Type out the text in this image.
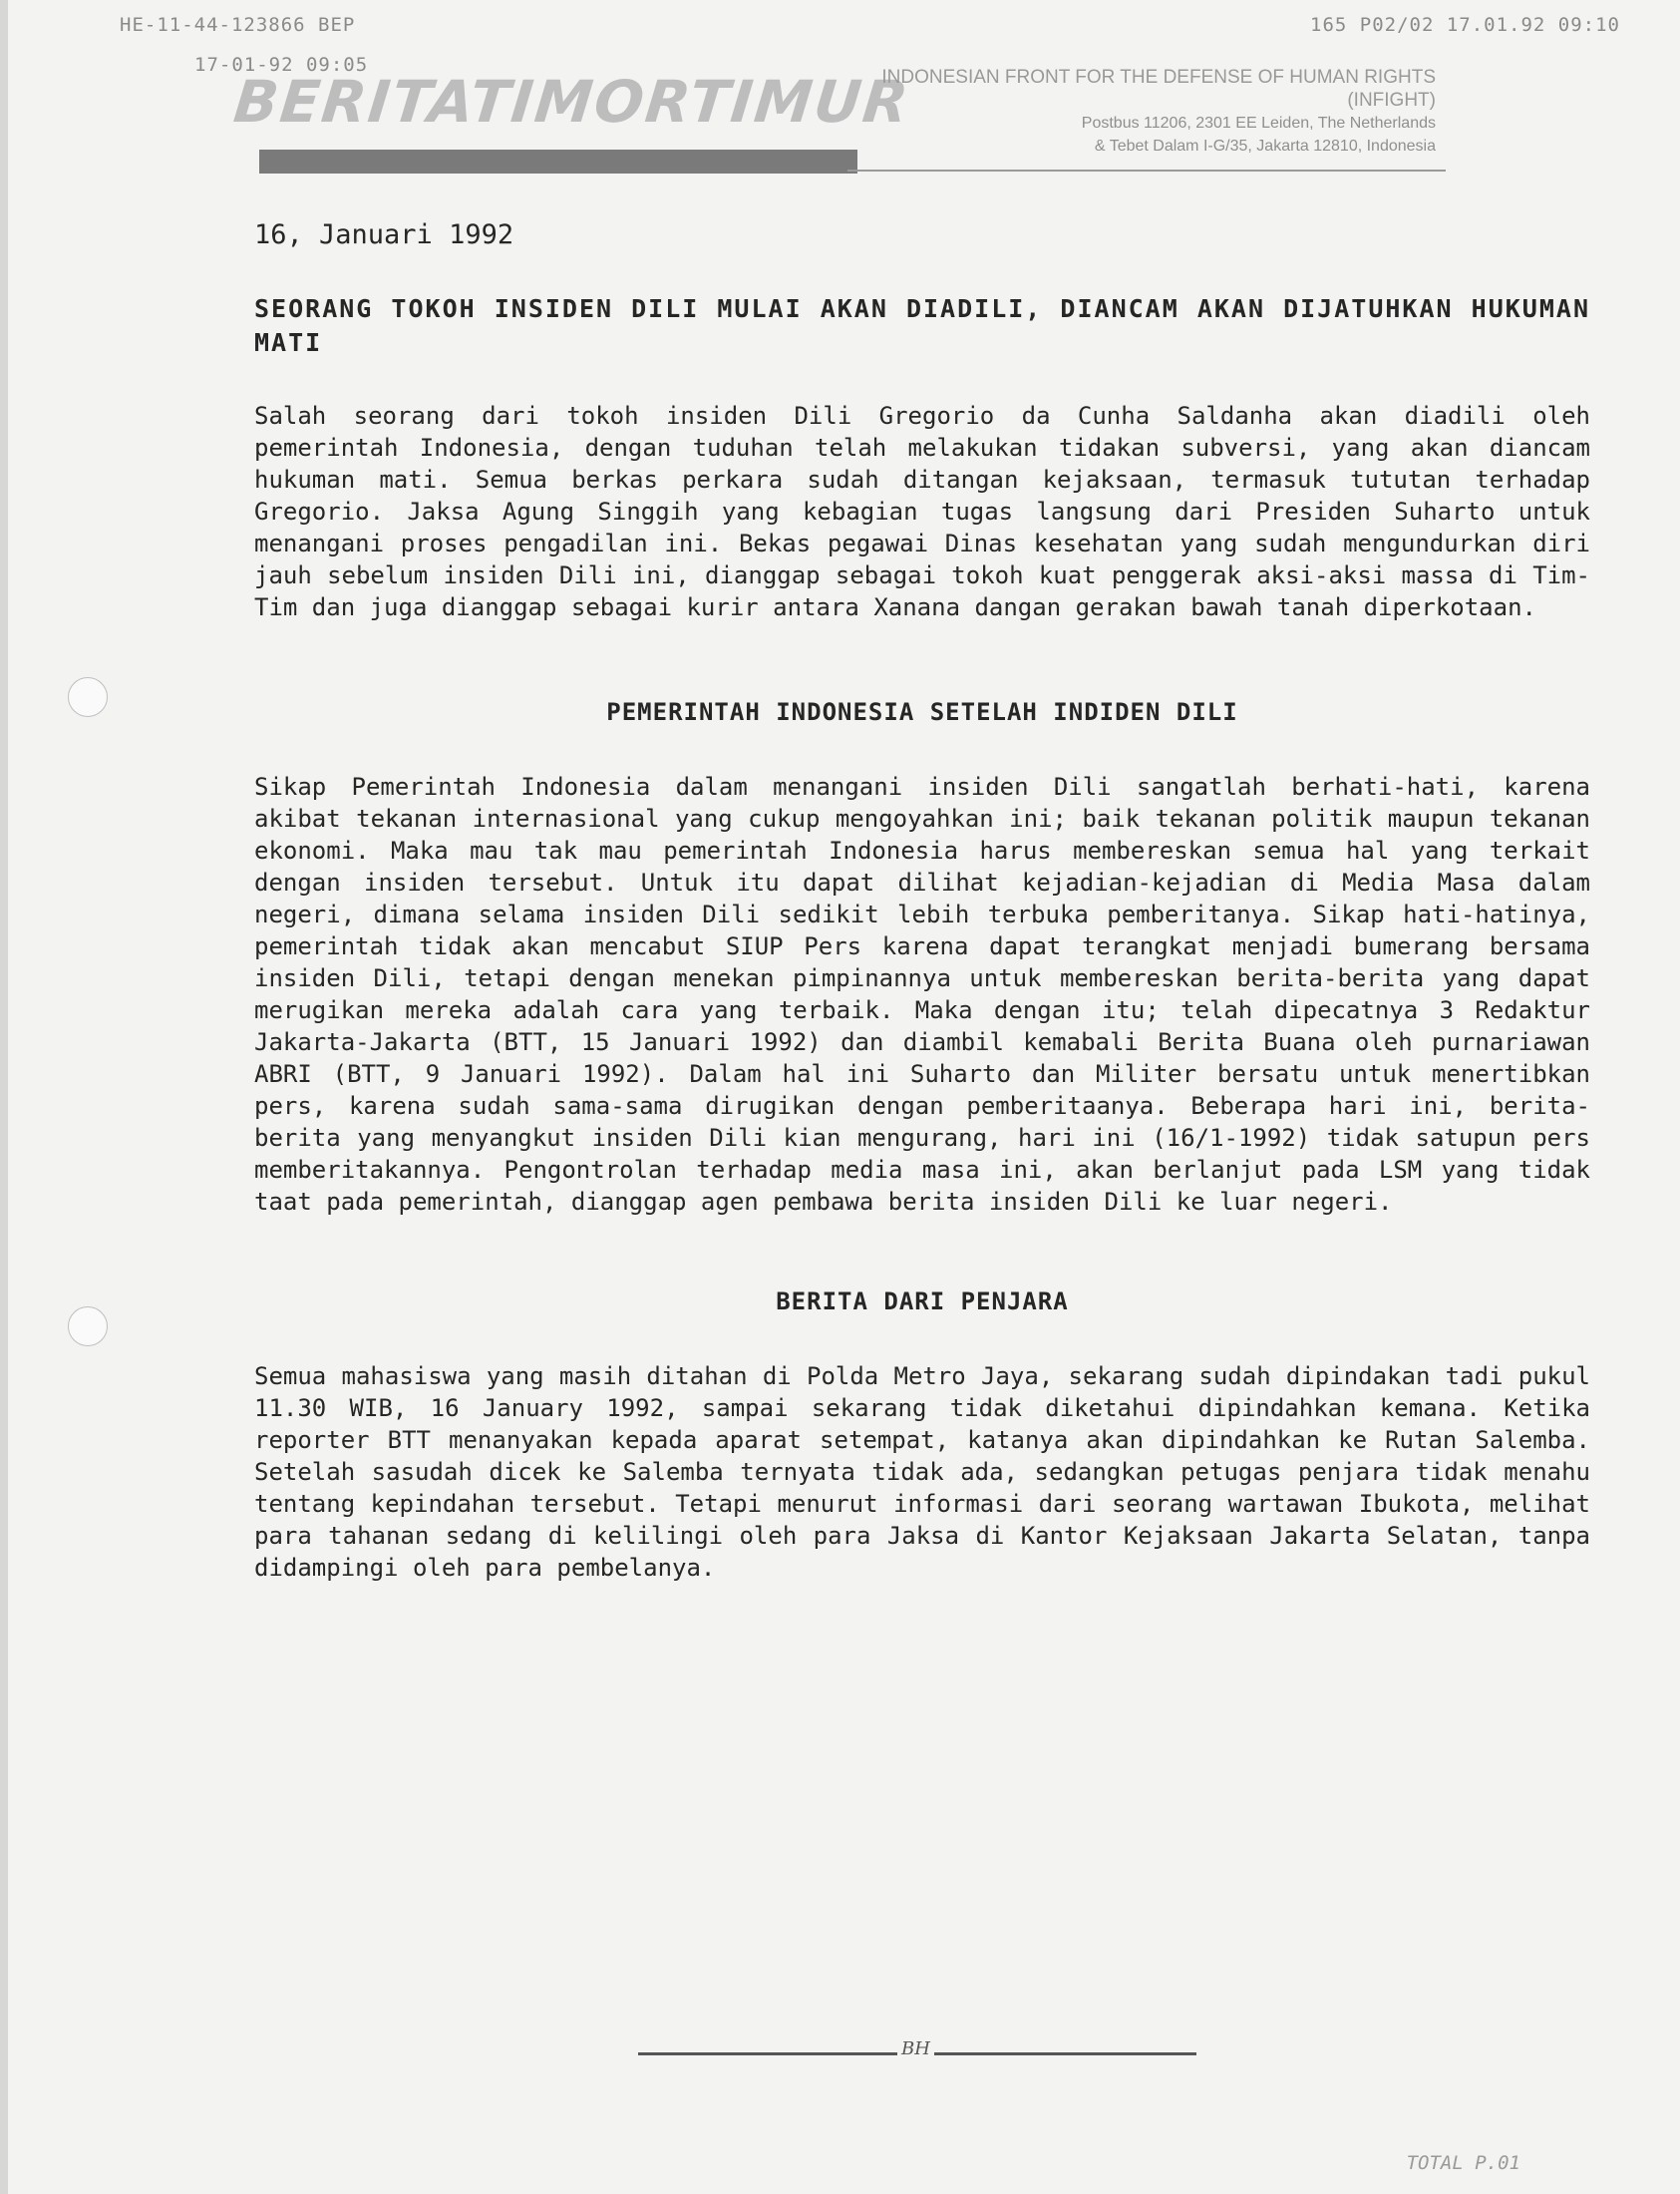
HE-11-44-123866 BEP	165 P02/02 17.01.92 09:10
17-01-92 09:05
BERITATIMORTIMUR
INDONESIAN FRONT FOR THE DEFENSE OF HUMAN RIGHTS
(INFIGHT)
Postbus 11206, 2301 EE Leiden, The Netherlands
& Tebet Dalam I-G/35, Jakarta 12810, Indonesia

16, Januari 1992

SEORANG TOKOH INSIDEN DILI MULAI AKAN DIADILI, DIANCAM AKAN DIJATUHKAN HUKUMAN MATI

Salah seorang dari tokoh insiden Dili Gregorio da Cunha Saldanha akan diadili oleh pemerintah Indonesia, dengan tuduhan telah melakukan tidakan subversi, yang akan diancam hukuman mati. Semua berkas perkara sudah ditangan kejaksaan, termasuk tututan terhadap Gregorio. Jaksa Agung Singgih yang kebagian tugas langsung dari Presiden Suharto untuk menangani proses pengadilan ini. Bekas pegawai Dinas kesehatan yang sudah mengundurkan diri jauh sebelum insiden Dili ini, dianggap sebagai tokoh kuat penggerak aksi-aksi massa di Tim-Tim dan juga dianggap sebagai kurir antara Xanana dangan gerakan bawah tanah diperkotaan.

PEMERINTAH INDONESIA SETELAH INDIDEN DILI

Sikap Pemerintah Indonesia dalam menangani insiden Dili sangatlah berhati-hati, karena akibat tekanan internasional yang cukup mengoyahkan ini; baik tekanan politik maupun tekanan ekonomi. Maka mau tak mau pemerintah Indonesia harus membereskan semua hal yang terkait dengan insiden tersebut. Untuk itu dapat dilihat kejadian-kejadian di Media Masa dalam negeri, dimana selama insiden Dili sedikit lebih terbuka pemberitanya. Sikap hati-hatinya, pemerintah tidak akan mencabut SIUP Pers karena dapat terangkat menjadi bumerang bersama insiden Dili, tetapi dengan menekan pimpinannya untuk membereskan berita-berita yang dapat merugikan mereka adalah cara yang terbaik. Maka dengan itu; telah dipecatnya 3 Redaktur Jakarta-Jakarta (BTT, 15 Januari 1992) dan diambil kemabali Berita Buana oleh purnariawan ABRI (BTT, 9 Januari 1992). Dalam hal ini Suharto dan Militer bersatu untuk menertibkan pers, karena sudah sama-sama dirugikan dengan pemberitaanya. Beberapa hari ini, berita-berita yang menyangkut insiden Dili kian mengurang, hari ini (16/1-1992) tidak satupun pers memberitakannya. Pengontrolan terhadap media masa ini, akan berlanjut pada LSM yang tidak taat pada pemerintah, dianggap agen pembawa berita insiden Dili ke luar negeri.

BERITA DARI PENJARA

Semua mahasiswa yang masih ditahan di Polda Metro Jaya, sekarang sudah dipindakan tadi pukul 11.30 WIB, 16 January 1992, sampai sekarang tidak diketahui dipindahkan kemana. Ketika reporter BTT menanyakan kepada aparat setempat, katanya akan dipindahkan ke Rutan Salemba. Setelah sasudah dicek ke Salemba ternyata tidak ada, sedangkan petugas penjara tidak menahu tentang kepindahan tersebut. Tetapi menurut informasi dari seorang wartawan Ibukota, melihat para tahanan sedang di kelilingi oleh para Jaksa di Kantor Kejaksaan Jakarta Selatan, tanpa didampingi oleh para pembelanya.

BH
TOTAL P.01
